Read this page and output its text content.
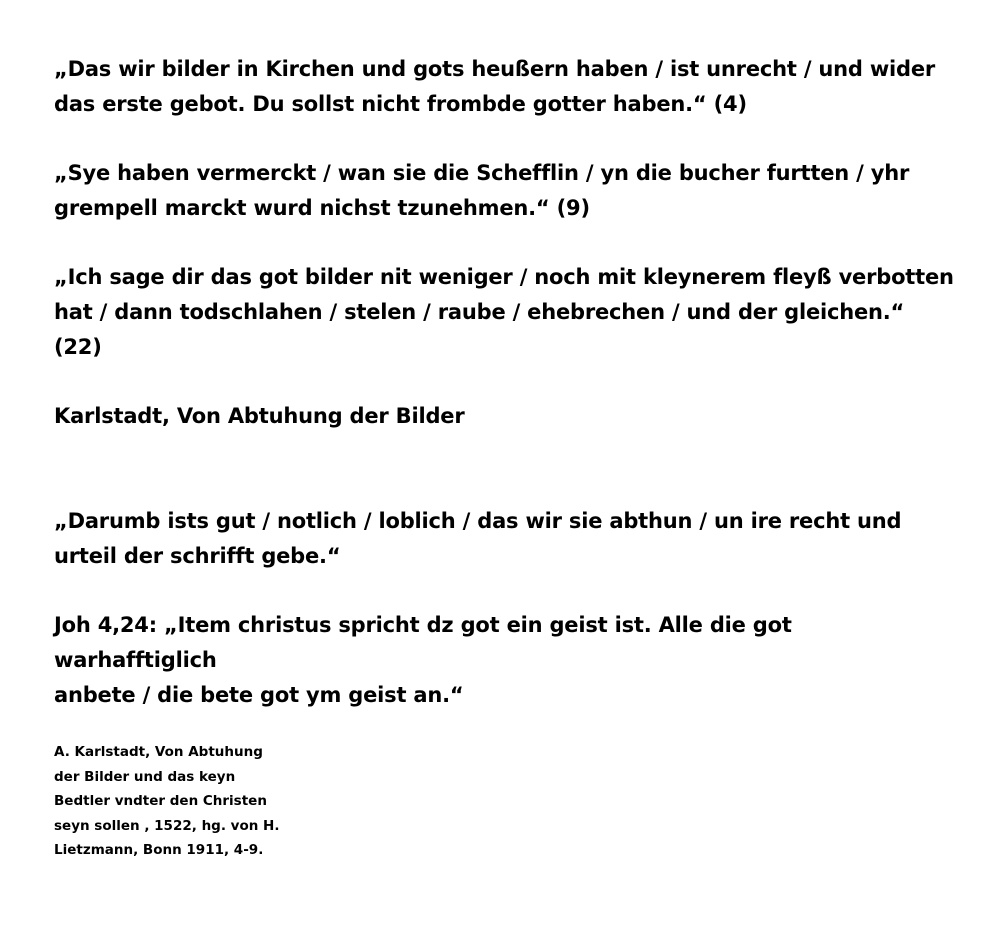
„Das wir bilder in Kirchen und gots heußern haben / ist unrecht / und wider
das erste gebot. Du sollst nicht frombde gotter haben.“ (4)

„Sye haben vermerckt / wan sie die Schefflin / yn die bucher furtten / yhr
grempell marckt wurd nichst tzunehmen.“ (9)

„Ich sage dir das got bilder nit weniger / noch mit kleynerem fleyß verbotten
hat / dann todschlahen / stelen / raube / ehebrechen / und der gleichen.“
(22)

Karlstadt, Von Abtuhung der Bilder

„Darumb ists gut / notlich / loblich / das wir sie abthun / un ire recht und
urteil der schrifft gebe.“

Joh 4,24: „Item christus spricht dz got ein geist ist. Alle die got warhafftiglich
anbete / die bete got ym geist an.“

A. Karlstadt, Von Abtuhung
der Bilder und das keyn
Bedtler vndter den Christen
seyn sollen , 1522, hg. von H.
Lietzmann, Bonn 1911, 4-9.
